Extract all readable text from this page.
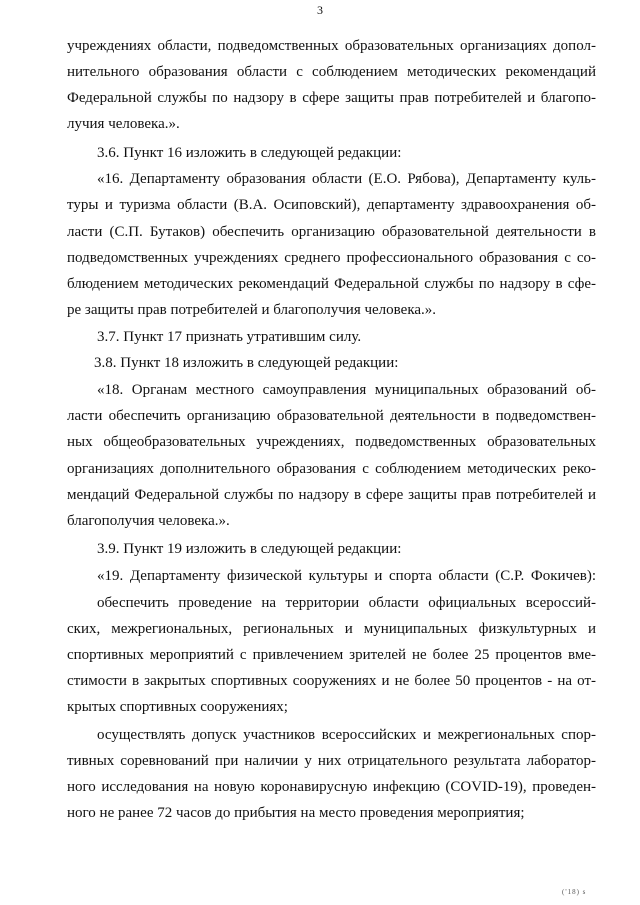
3
учреждениях области, подведомственных образовательных организациях допол-
нительного образования области с соблюдением методических рекомендаций
Федеральной службы по надзору в сфере защиты прав потребителей и благопо-
лучия человека.».
3.6. Пункт 16 изложить в следующей редакции:
«16. Департаменту образования области (Е.О. Рябова), Департаменту куль-
туры и туризма области (В.А. Осиповский), департаменту здравоохранения об-
ласти (С.П. Бутаков) обеспечить организацию образовательной деятельности в
подведомственных учреждениях среднего профессионального образования с со-
блюдением методических рекомендаций Федеральной службы по надзору в сфе-
ре защиты прав потребителей и благополучия человека.».
3.7. Пункт 17 признать утратившим силу.
3.8. Пункт 18 изложить в следующей редакции:
«18. Органам местного самоуправления муниципальных образований об-
ласти обеспечить организацию образовательной деятельности в подведомствен-
ных общеобразовательных учреждениях, подведомственных образовательных
организациях дополнительного образования с соблюдением методических реко-
мендаций Федеральной службы по надзору в сфере защиты прав потребителей и
благополучия человека.».
3.9. Пункт 19 изложить в следующей редакции:
«19. Департаменту физической культуры и спорта области (С.Р. Фокичев):
обеспечить проведение на территории области официальных всероссий-
ских, межрегиональных, региональных и муниципальных физкультурных и
спортивных мероприятий с привлечением зрителей не более 25 процентов вме-
стимости в закрытых спортивных сооружениях и не более 50 процентов - на от-
крытых спортивных сооружениях;
осуществлять допуск участников всероссийских и межрегиональных спор-
тивных соревнований при наличии у них отрицательного результата лаборатор-
ного исследования на новую коронавирусную инфекцию (COVID-19), проведен-
ного не ранее 72 часов до прибытия на место проведения мероприятия;
('18) s
